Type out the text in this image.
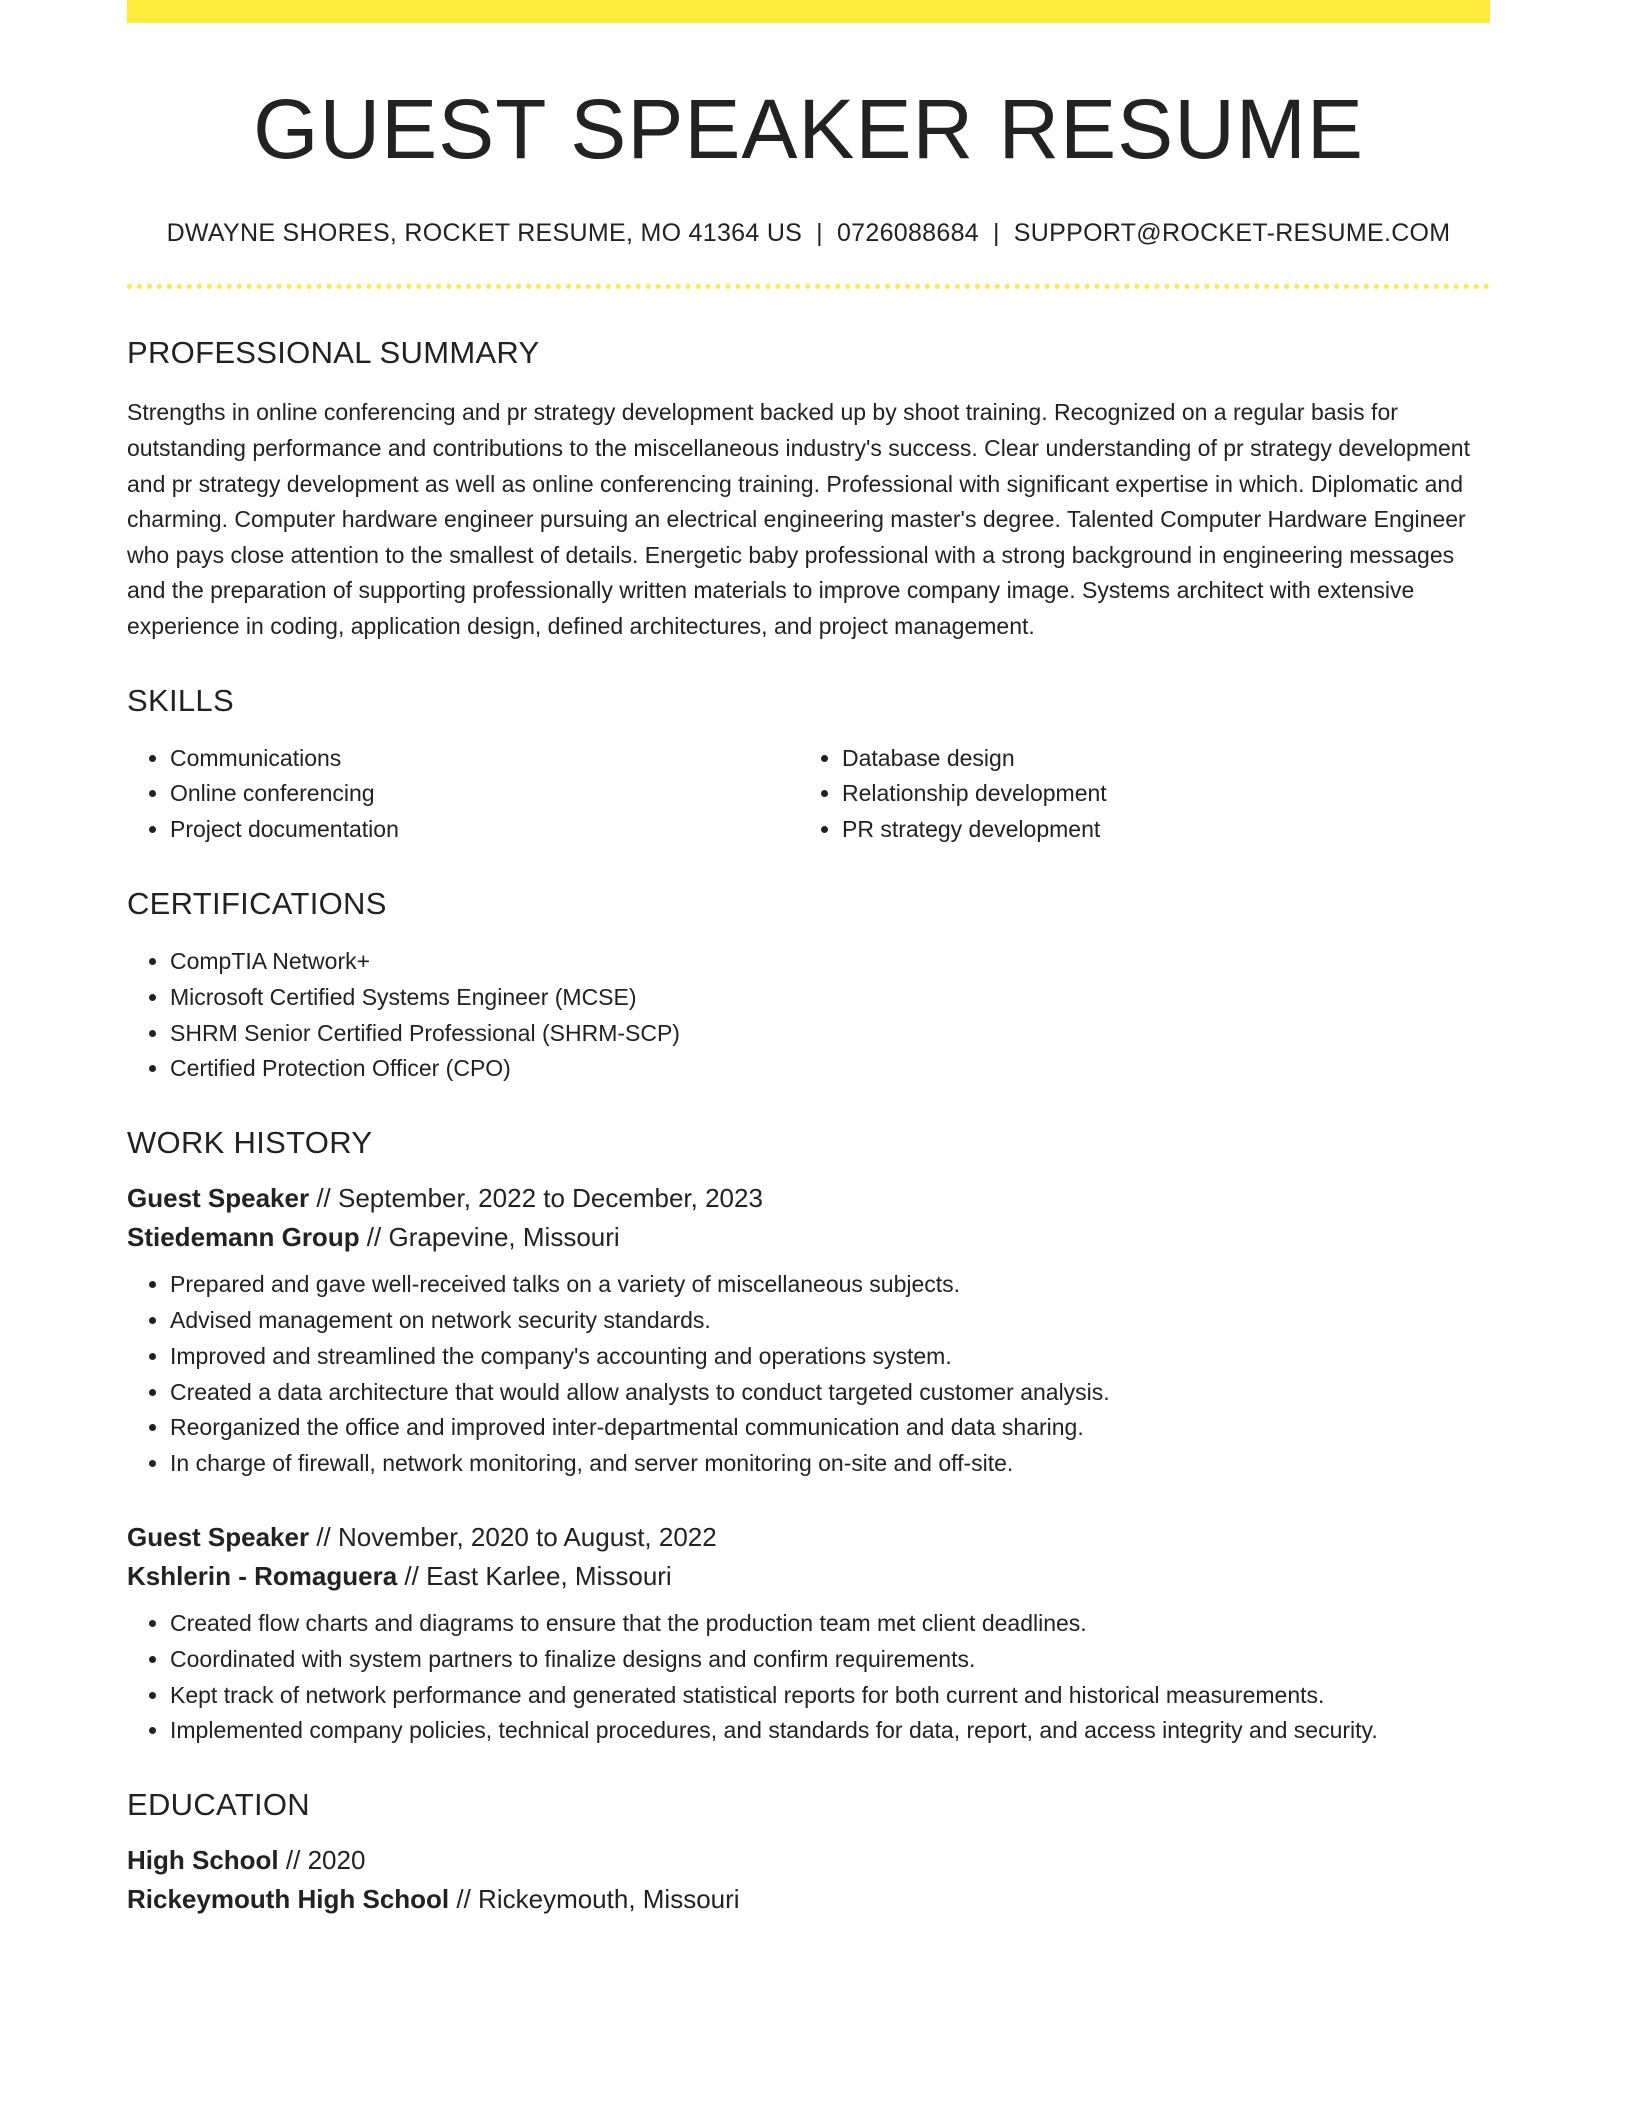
GUEST SPEAKER RESUME
DWAYNE SHORES, ROCKET RESUME, MO 41364 US | 0726088684 | SUPPORT@ROCKET-RESUME.COM
PROFESSIONAL SUMMARY
Strengths in online conferencing and pr strategy development backed up by shoot training. Recognized on a regular basis for outstanding performance and contributions to the miscellaneous industry's success. Clear understanding of pr strategy development and pr strategy development as well as online conferencing training. Professional with significant expertise in which. Diplomatic and charming. Computer hardware engineer pursuing an electrical engineering master's degree. Talented Computer Hardware Engineer who pays close attention to the smallest of details. Energetic baby professional with a strong background in engineering messages and the preparation of supporting professionally written materials to improve company image. Systems architect with extensive experience in coding, application design, defined architectures, and project management.
SKILLS
• Communications
• Online conferencing
• Project documentation
• Database design
• Relationship development
• PR strategy development
CERTIFICATIONS
• CompTIA Network+
• Microsoft Certified Systems Engineer (MCSE)
• SHRM Senior Certified Professional (SHRM-SCP)
• Certified Protection Officer (CPO)
WORK HISTORY
Guest Speaker // September, 2022 to December, 2023
Stiedemann Group // Grapevine, Missouri
• Prepared and gave well-received talks on a variety of miscellaneous subjects.
• Advised management on network security standards.
• Improved and streamlined the company's accounting and operations system.
• Created a data architecture that would allow analysts to conduct targeted customer analysis.
• Reorganized the office and improved inter-departmental communication and data sharing.
• In charge of firewall, network monitoring, and server monitoring on-site and off-site.
Guest Speaker // November, 2020 to August, 2022
Kshlerin - Romaguera // East Karlee, Missouri
• Created flow charts and diagrams to ensure that the production team met client deadlines.
• Coordinated with system partners to finalize designs and confirm requirements.
• Kept track of network performance and generated statistical reports for both current and historical measurements.
• Implemented company policies, technical procedures, and standards for data, report, and access integrity and security.
EDUCATION
High School // 2020
Rickeymouth High School // Rickeymouth, Missouri
